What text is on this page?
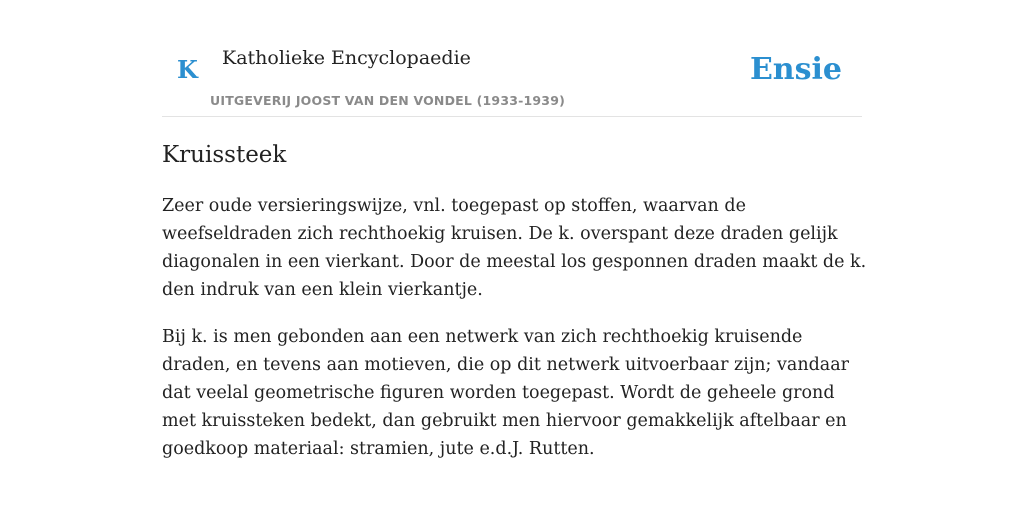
K Katholieke Encyclopaedie
UITGEVERIJ JOOST VAN DEN VONDEL (1933-1939)
Ensie
Kruissteek

Zeer oude versieringswijze, vnl. toegepast op stoffen, waarvan de weefseldraden zich rechthoekig kruisen. De k. overspant deze draden gelijk diagonalen in een vierkant. Door de meestal los gesponnen draden maakt de k. den indruk van een klein vierkantje.

Bij k. is men gebonden aan een netwerk van zich rechthoekig kruisende draden, en tevens aan motieven, die op dit netwerk uitvoerbaar zijn; vandaar dat veelal geometrische figuren worden toegepast. Wordt de geheele grond met kruissteken bedekt, dan gebruikt men hiervoor gemakkelijk aftelbaar en goedkoop materiaal: stramien, jute e.d.J. Rutten.
